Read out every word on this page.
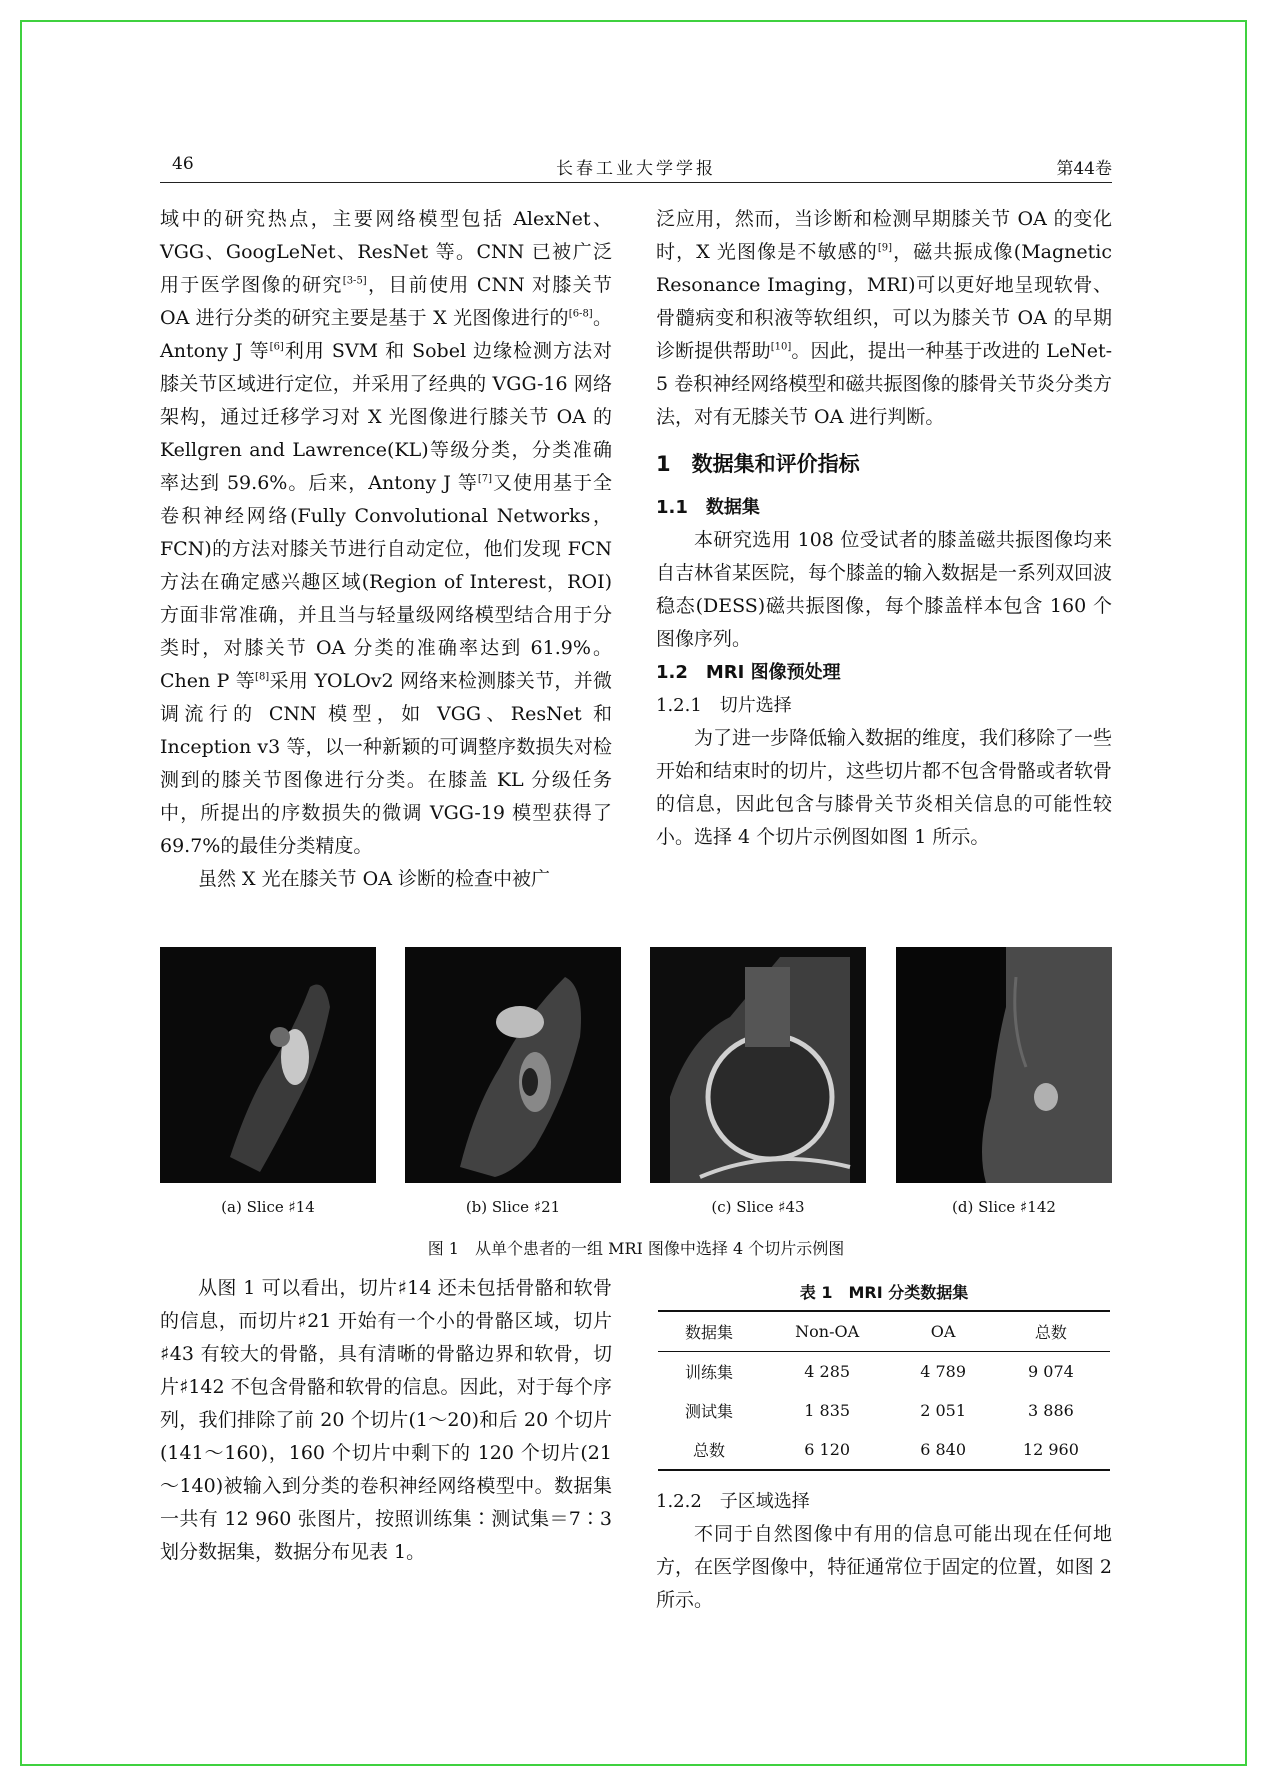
46	长春工业大学学报	第44卷

域中的研究热点，主要网络模型包括 AlexNet、VGG、GoogLeNet、ResNet 等。CNN 已被广泛用于医学图像的研究[3-5]，目前使用 CNN 对膝关节 OA 进行分类的研究主要是基于 X 光图像进行的[6-8]。Antony J 等[6]利用 SVM 和 Sobel 边缘检测方法对膝关节区域进行定位，并采用了经典的 VGG-16 网络架构，通过迁移学习对 X 光图像进行膝关节 OA 的 Kellgren and Lawrence(KL)等级分类，分类准确率达到 59.6%。后来，Antony J 等[7]又使用基于全卷积神经网络(Fully Convolutional Networks，FCN)的方法对膝关节进行自动定位，他们发现 FCN 方法在确定感兴趣区域(Region of Interest，ROI)方面非常准确，并且当与轻量级网络模型结合用于分类时，对膝关节 OA 分类的准确率达到 61.9%。Chen P 等[8]采用 YOLOv2 网络来检测膝关节，并微调流行的 CNN 模型，如 VGG、ResNet 和 Inception v3 等，以一种新颖的可调整序数损失对检测到的膝关节图像进行分类。在膝盖 KL 分级任务中，所提出的序数损失的微调 VGG-19 模型获得了69.7%的最佳分类精度。

虽然 X 光在膝关节 OA 诊断的检查中被广

泛应用，然而，当诊断和检测早期膝关节 OA 的变化时，X 光图像是不敏感的[9]，磁共振成像(Magnetic Resonance Imaging，MRI)可以更好地呈现软骨、骨髓病变和积液等软组织，可以为膝关节 OA 的早期诊断提供帮助[10]。因此，提出一种基于改进的 LeNet-5 卷积神经网络模型和磁共振图像的膝骨关节炎分类方法，对有无膝关节 OA 进行判断。

1　数据集和评价指标

1.1　数据集

本研究选用 108 位受试者的膝盖磁共振图像均来自吉林省某医院，每个膝盖的输入数据是一系列双回波稳态(DESS)磁共振图像，每个膝盖样本包含 160 个图像序列。

1.2　MRI 图像预处理

1.2.1　切片选择

为了进一步降低输入数据的维度，我们移除了一些开始和结束时的切片，这些切片都不包含骨骼或者软骨的信息，因此包含与膝骨关节炎相关信息的可能性较小。选择 4 个切片示例图如图 1 所示。

(a) Slice ♯14	(b) Slice ♯21	(c) Slice ♯43	(d) Slice ♯142
图 1　从单个患者的一组 MRI 图像中选择 4 个切片示例图

从图 1 可以看出，切片♯14 还未包括骨骼和软骨的信息，而切片♯21 开始有一个小的骨骼区域，切片♯43 有较大的骨骼，具有清晰的骨骼边界和软骨，切片♯142 不包含骨骼和软骨的信息。因此，对于每个序列，我们排除了前 20 个切片(1～20)和后 20 个切片(141～160)，160 个切片中剩下的 120 个切片(21～140)被输入到分类的卷积神经网络模型中。数据集一共有 12 960 张图片，按照训练集∶测试集＝7∶3 划分数据集，数据分布见表 1。

表 1　MRI 分类数据集
数据集	Non-OA	OA	总数
训练集	4 285	4 789	9 074
测试集	1 835	2 051	3 886
总数	6 120	6 840	12 960

1.2.2　子区域选择

不同于自然图像中有用的信息可能出现在任何地方，在医学图像中，特征通常位于固定的位置，如图 2 所示。
